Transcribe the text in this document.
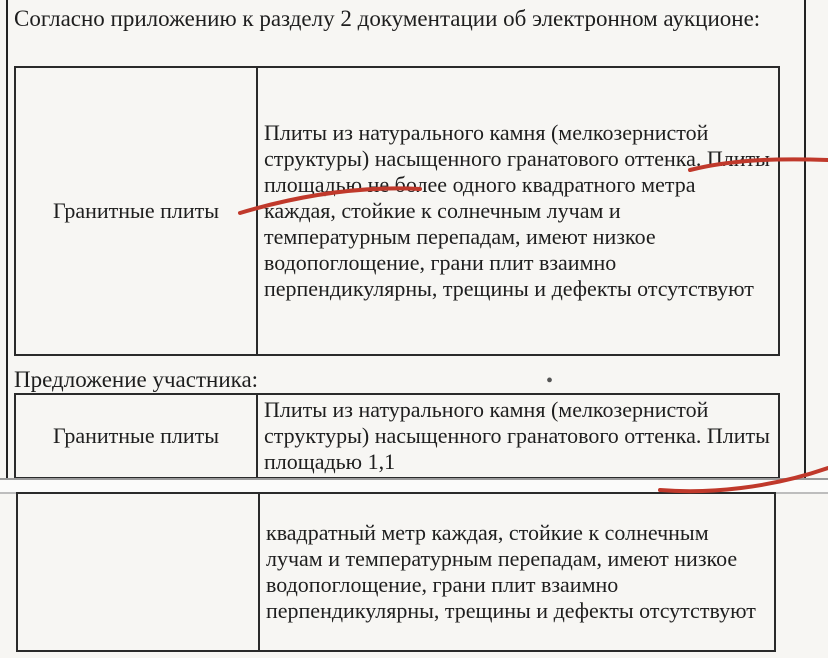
Согласно приложению к разделу 2 документации об электронном аукционе:
Гранитные плиты	Плиты из натурального камня (мелкозернистой структуры) насыщенного гранатового оттенка. Плиты площадью не более одного квадратного метра каждая, стойкие к солнечным лучам и температурным перепадам, имеют низкое водопоглощение, грани плит взаимно перпендикулярны, трещины и дефекты отсутствуют
Предложение участника:
Гранитные плиты	Плиты из натурального камня (мелкозернистой структуры) насыщенного гранатового оттенка. Плиты площадью 1,1
	квадратный метр каждая, стойкие к солнечным лучам и температурным перепадам, имеют низкое водопоглощение, грани плит взаимно перпендикулярны, трещины и дефекты отсутствуют
•
